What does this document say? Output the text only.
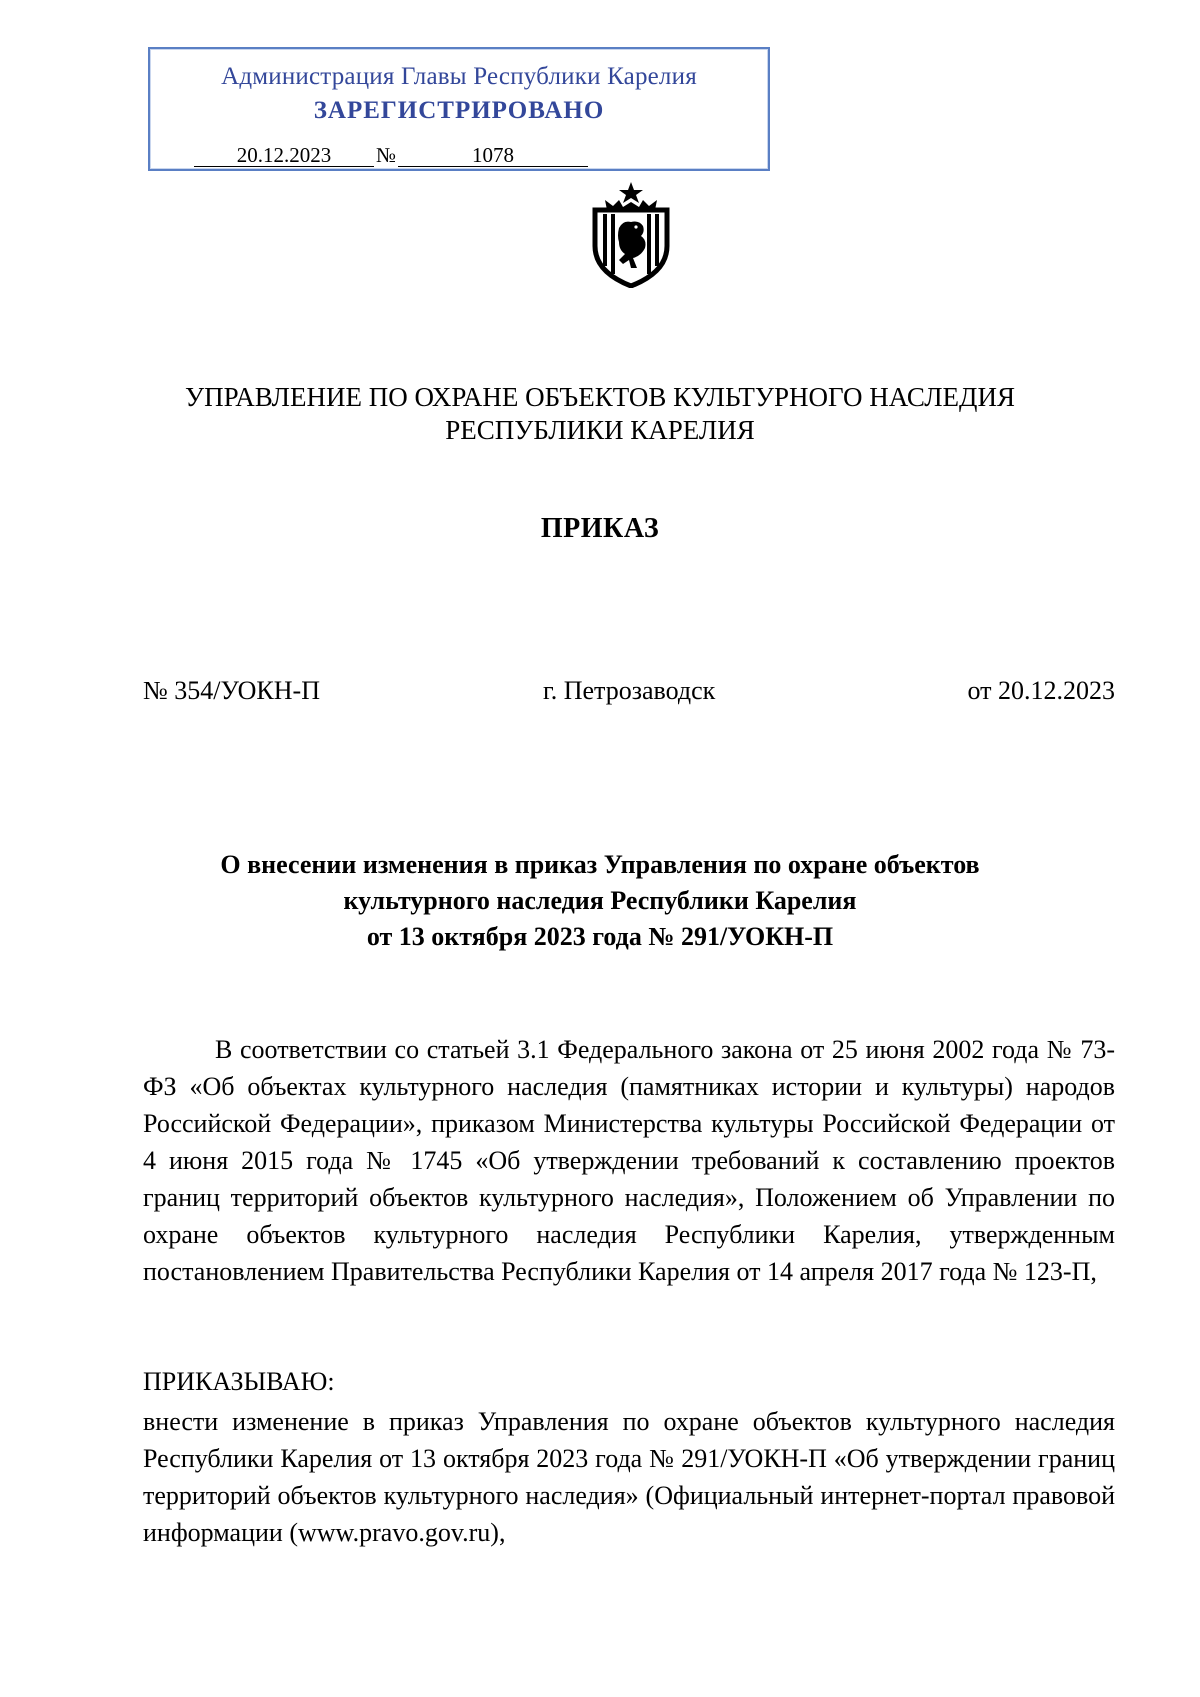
Администрация Главы Республики Карелия
ЗАРЕГИСТРИРОВАНО
20.12.2023 №	1078
УПРАВЛЕНИЕ ПО ОХРАНЕ ОБЪЕКТОВ КУЛЬТУРНОГО НАСЛЕДИЯ
РЕСПУБЛИКИ КАРЕЛИЯ
ПРИКАЗ
№ 354/УОКН-П	г. Петрозаводск	от 20.12.2023
О внесении изменения в приказ Управления по охране объектов
культурного наследия Республики Карелия
от 13 октября 2023 года № 291/УОКН-П
В соответствии со статьей 3.1 Федерального закона от 25 июня 2002 года № 73-ФЗ «Об объектах культурного наследия (памятниках истории и культуры) народов Российской Федерации», приказом Министерства культуры Российской Федерации от 4 июня 2015 года № 1745 «Об утверждении требований к составлению проектов границ территорий объектов культурного наследия», Положением об Управлении по охране объектов культурного наследия Республики Карелия, утвержденным постановлением Правительства Республики Карелия от 14 апреля 2017 года № 123-П,
ПРИКАЗЫВАЮ:
внести изменение в приказ Управления по охране объектов культурного наследия Республики Карелия от 13 октября 2023 года № 291/УОКН-П «Об утверждении границ территорий объектов культурного наследия» (Официальный интернет-портал правовой информации (www.pravo.gov.ru),
